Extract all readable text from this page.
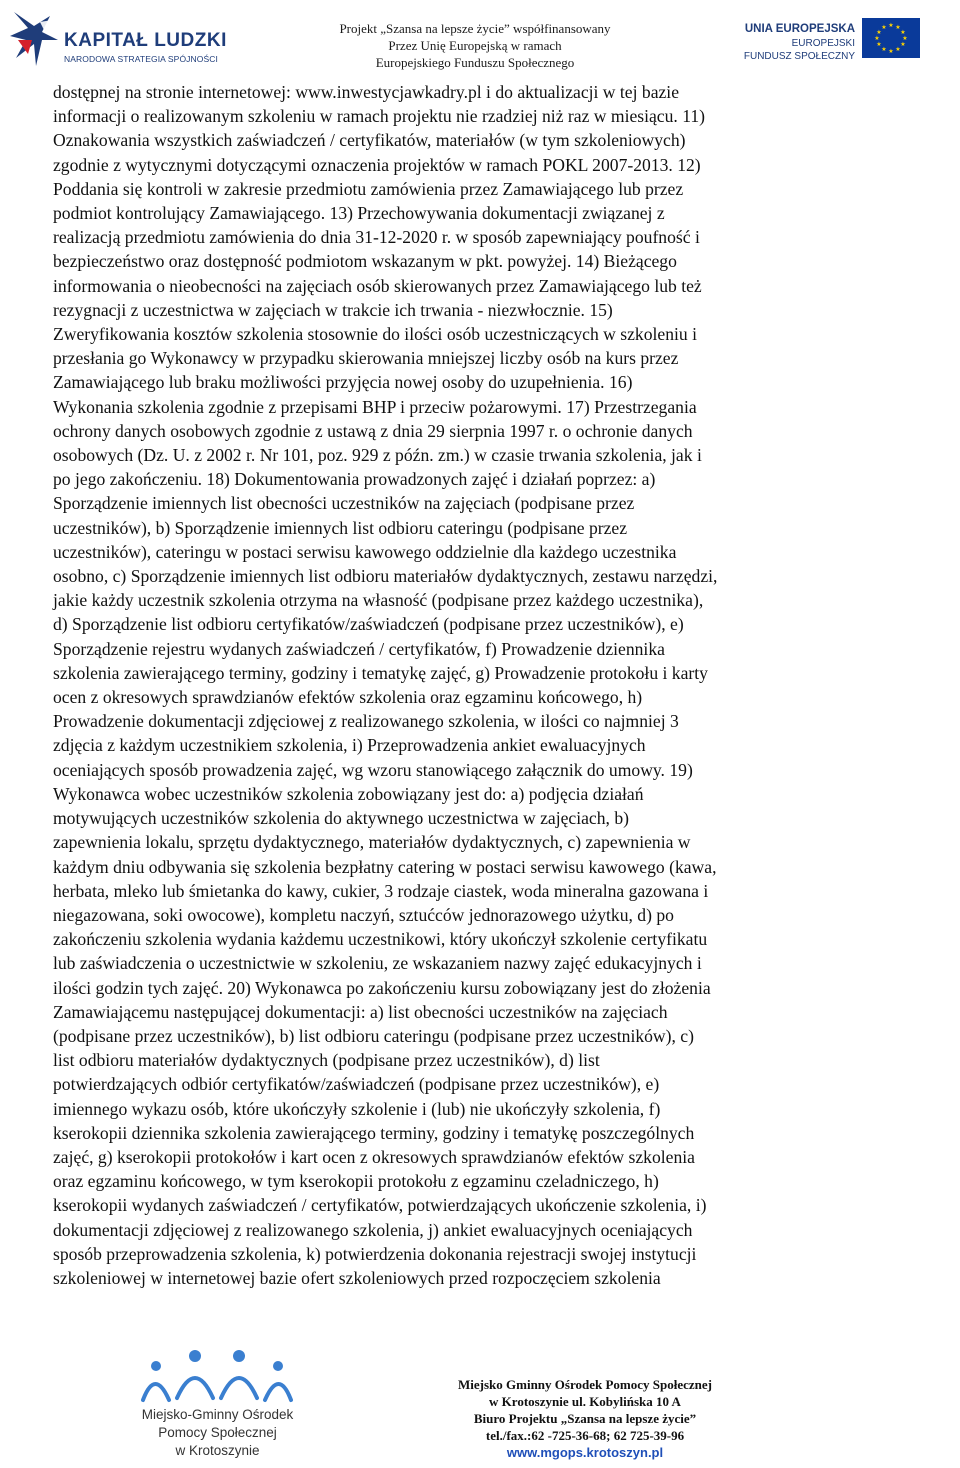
KAPITAŁ LUDZKI
NARODOWA STRATEGIA SPÓJNOŚCI
Projekt „Szansa na lepsze życie” współfinansowany
Przez Unię Europejską w ramach
Europejskiego Funduszu Społecznego
UNIA EUROPEJSKA
EUROPEJSKI
FUNDUSZ SPOŁECZNY
★ ★
★
★
★
★
★
★
★
★
★
★

dostępnej na stronie internetowej: www.inwestycjawkadry.pl i do aktualizacji w tej bazie

informacji o realizowanym szkoleniu w ramach projektu nie rzadziej niż raz w miesiącu. 11)

Oznakowania wszystkich zaświadczeń / certyfikatów, materiałów (w tym szkoleniowych)

zgodnie z wytycznymi dotyczącymi oznaczenia projektów w ramach POKL 2007-2013. 12)

Poddania się kontroli w zakresie przedmiotu zamówienia przez Zamawiającego lub przez

podmiot kontrolujący Zamawiającego. 13) Przechowywania dokumentacji związanej z

realizacją przedmiotu zamówienia do dnia 31-12-2020 r. w sposób zapewniający poufność i

bezpieczeństwo oraz dostępność podmiotom wskazanym w pkt. powyżej. 14) Bieżącego

informowania o nieobecności na zajęciach osób skierowanych przez Zamawiającego lub też

rezygnacji z uczestnictwa w zajęciach w trakcie ich trwania - niezwłocznie. 15)

Zweryfikowania kosztów szkolenia stosownie do ilości osób uczestniczących w szkoleniu i

przesłania go Wykonawcy w przypadku skierowania mniejszej liczby osób na kurs przez

Zamawiającego lub braku możliwości przyjęcia nowej osoby do uzupełnienia. 16)

Wykonania szkolenia zgodnie z przepisami BHP i przeciw pożarowymi. 17) Przestrzegania

ochrony danych osobowych zgodnie z ustawą z dnia 29 sierpnia 1997 r. o ochronie danych

osobowych (Dz. U. z 2002 r. Nr 101, poz. 929 z późn. zm.) w czasie trwania szkolenia, jak i

po jego zakończeniu. 18) Dokumentowania prowadzonych zajęć i działań poprzez: a)

Sporządzenie imiennych list obecności uczestników na zajęciach (podpisane przez

uczestników), b) Sporządzenie imiennych list odbioru cateringu (podpisane przez

uczestników), cateringu w postaci serwisu kawowego oddzielnie dla każdego uczestnika

osobno, c) Sporządzenie imiennych list odbioru materiałów dydaktycznych, zestawu narzędzi,

jakie każdy uczestnik szkolenia otrzyma na własność (podpisane przez każdego uczestnika),

d) Sporządzenie list odbioru certyfikatów/zaświadczeń (podpisane przez uczestników), e)

Sporządzenie rejestru wydanych zaświadczeń / certyfikatów, f) Prowadzenie dziennika

szkolenia zawierającego terminy, godziny i tematykę zajęć, g) Prowadzenie protokołu i karty

ocen z okresowych sprawdzianów efektów szkolenia oraz egzaminu końcowego, h)

Prowadzenie dokumentacji zdjęciowej z realizowanego szkolenia, w ilości co najmniej 3

zdjęcia z każdym uczestnikiem szkolenia, i) Przeprowadzenia ankiet ewaluacyjnych

oceniających sposób prowadzenia zajęć, wg wzoru stanowiącego załącznik do umowy. 19)

Wykonawca wobec uczestników szkolenia zobowiązany jest do: a) podjęcia działań

motywujących uczestników szkolenia do aktywnego uczestnictwa w zajęciach, b)

zapewnienia lokalu, sprzętu dydaktycznego, materiałów dydaktycznych, c) zapewnienia w

każdym dniu odbywania się szkolenia bezpłatny catering w postaci serwisu kawowego (kawa,

herbata, mleko lub śmietanka do kawy, cukier, 3 rodzaje ciastek, woda mineralna gazowana i

niegazowana, soki owocowe), kompletu naczyń, sztućców jednorazowego użytku, d) po

zakończeniu szkolenia wydania każdemu uczestnikowi, który ukończył szkolenie certyfikatu

lub zaświadczenia o uczestnictwie w szkoleniu, ze wskazaniem nazwy zajęć edukacyjnych i

ilości godzin tych zajęć. 20) Wykonawca po zakończeniu kursu zobowiązany jest do złożenia

Zamawiającemu następującej dokumentacji: a) list obecności uczestników na zajęciach

(podpisane przez uczestników), b) list odbioru cateringu (podpisane przez uczestników), c)

list odbioru materiałów dydaktycznych (podpisane przez uczestników), d) list

potwierdzających odbiór certyfikatów/zaświadczeń (podpisane przez uczestników), e)

imiennego wykazu osób, które ukończyły szkolenie i (lub) nie ukończyły szkolenia, f)

kserokopii dziennika szkolenia zawierającego terminy, godziny i tematykę poszczególnych

zajęć, g) kserokopii protokołów i kart ocen z okresowych sprawdzianów efektów szkolenia

oraz egzaminu końcowego, w tym kserokopii protokołu z egzaminu czeladniczego, h)

kserokopii wydanych zaświadczeń / certyfikatów, potwierdzających ukończenie szkolenia, i)

dokumentacji zdjęciowej z realizowanego szkolenia, j) ankiet ewaluacyjnych oceniających

sposób przeprowadzenia szkolenia, k) potwierdzenia dokonania rejestracji swojej instytucji

szkoleniowej w internetowej bazie ofert szkoleniowych przed rozpoczęciem szkolenia

Miejsko-Gminny Ośrodek
Pomocy Społecznej
w Krotoszynie
Miejsko Gminny Ośrodek Pomocy Społecznej
w Krotoszynie ul. Kobylińska 10 A
Biuro Projektu „Szansa na lepsze życie”
tel./fax.:62 -725-36-68; 62 725-39-96
www.mgops.krotoszyn.pl
